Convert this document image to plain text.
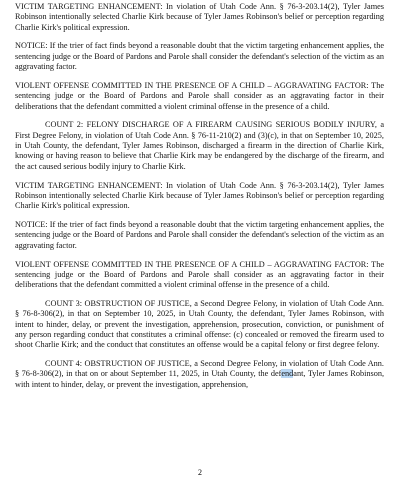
VICTIM TARGETING ENHANCEMENT: In violation of Utah Code Ann. § 76-3-203.14(2), Tyler James Robinson intentionally selected Charlie Kirk because of Tyler James Robinson's belief or perception regarding Charlie Kirk's political expression.

NOTICE: If the trier of fact finds beyond a reasonable doubt that the victim targeting enhancement applies, the sentencing judge or the Board of Pardons and Parole shall consider the defendant's selection of the victim as an aggravating factor.

VIOLENT OFFENSE COMMITTED IN THE PRESENCE OF A CHILD – AGGRAVATING FACTOR: The sentencing judge or the Board of Pardons and Parole shall consider as an aggravating factor in their deliberations that the defendant committed a violent criminal offense in the presence of a child.

COUNT 2: FELONY DISCHARGE OF A FIREARM CAUSING SERIOUS BODILY INJURY, a First Degree Felony, in violation of Utah Code Ann. § 76-11-210(2) and (3)(c), in that on September 10, 2025, in Utah County, the defendant, Tyler James Robinson, discharged a firearm in the direction of Charlie Kirk, knowing or having reason to believe that Charlie Kirk may be endangered by the discharge of the firearm, and the act caused serious bodily injury to Charlie Kirk.

VICTIM TARGETING ENHANCEMENT: In violation of Utah Code Ann. § 76-3-203.14(2), Tyler James Robinson intentionally selected Charlie Kirk because of Tyler James Robinson's belief or perception regarding Charlie Kirk's political expression.

NOTICE: If the trier of fact finds beyond a reasonable doubt that the victim targeting enhancement applies, the sentencing judge or the Board of Pardons and Parole shall consider the defendant's selection of the victim as an aggravating factor.

VIOLENT OFFENSE COMMITTED IN THE PRESENCE OF A CHILD – AGGRAVATING FACTOR: The sentencing judge or the Board of Pardons and Parole shall consider as an aggravating factor in their deliberations that the defendant committed a violent criminal offense in the presence of a child.

COUNT 3: OBSTRUCTION OF JUSTICE, a Second Degree Felony, in violation of Utah Code Ann. § 76-8-306(2), in that on September 10, 2025, in Utah County, the defendant, Tyler James Robinson, with intent to hinder, delay, or prevent the investigation, apprehension, prosecution, conviction, or punishment of any person regarding conduct that constitutes a criminal offense: (c) concealed or removed the firearm used to shoot Charlie Kirk; and the conduct that constitutes an offense would be a capital felony or first degree felony.

COUNT 4: OBSTRUCTION OF JUSTICE, a Second Degree Felony, in violation of Utah Code Ann. § 76-8-306(2), in that on or about September 11, 2025, in Utah County, the defendant, Tyler James Robinson, with intent to hinder, delay, or prevent the investigation, apprehension,

2
